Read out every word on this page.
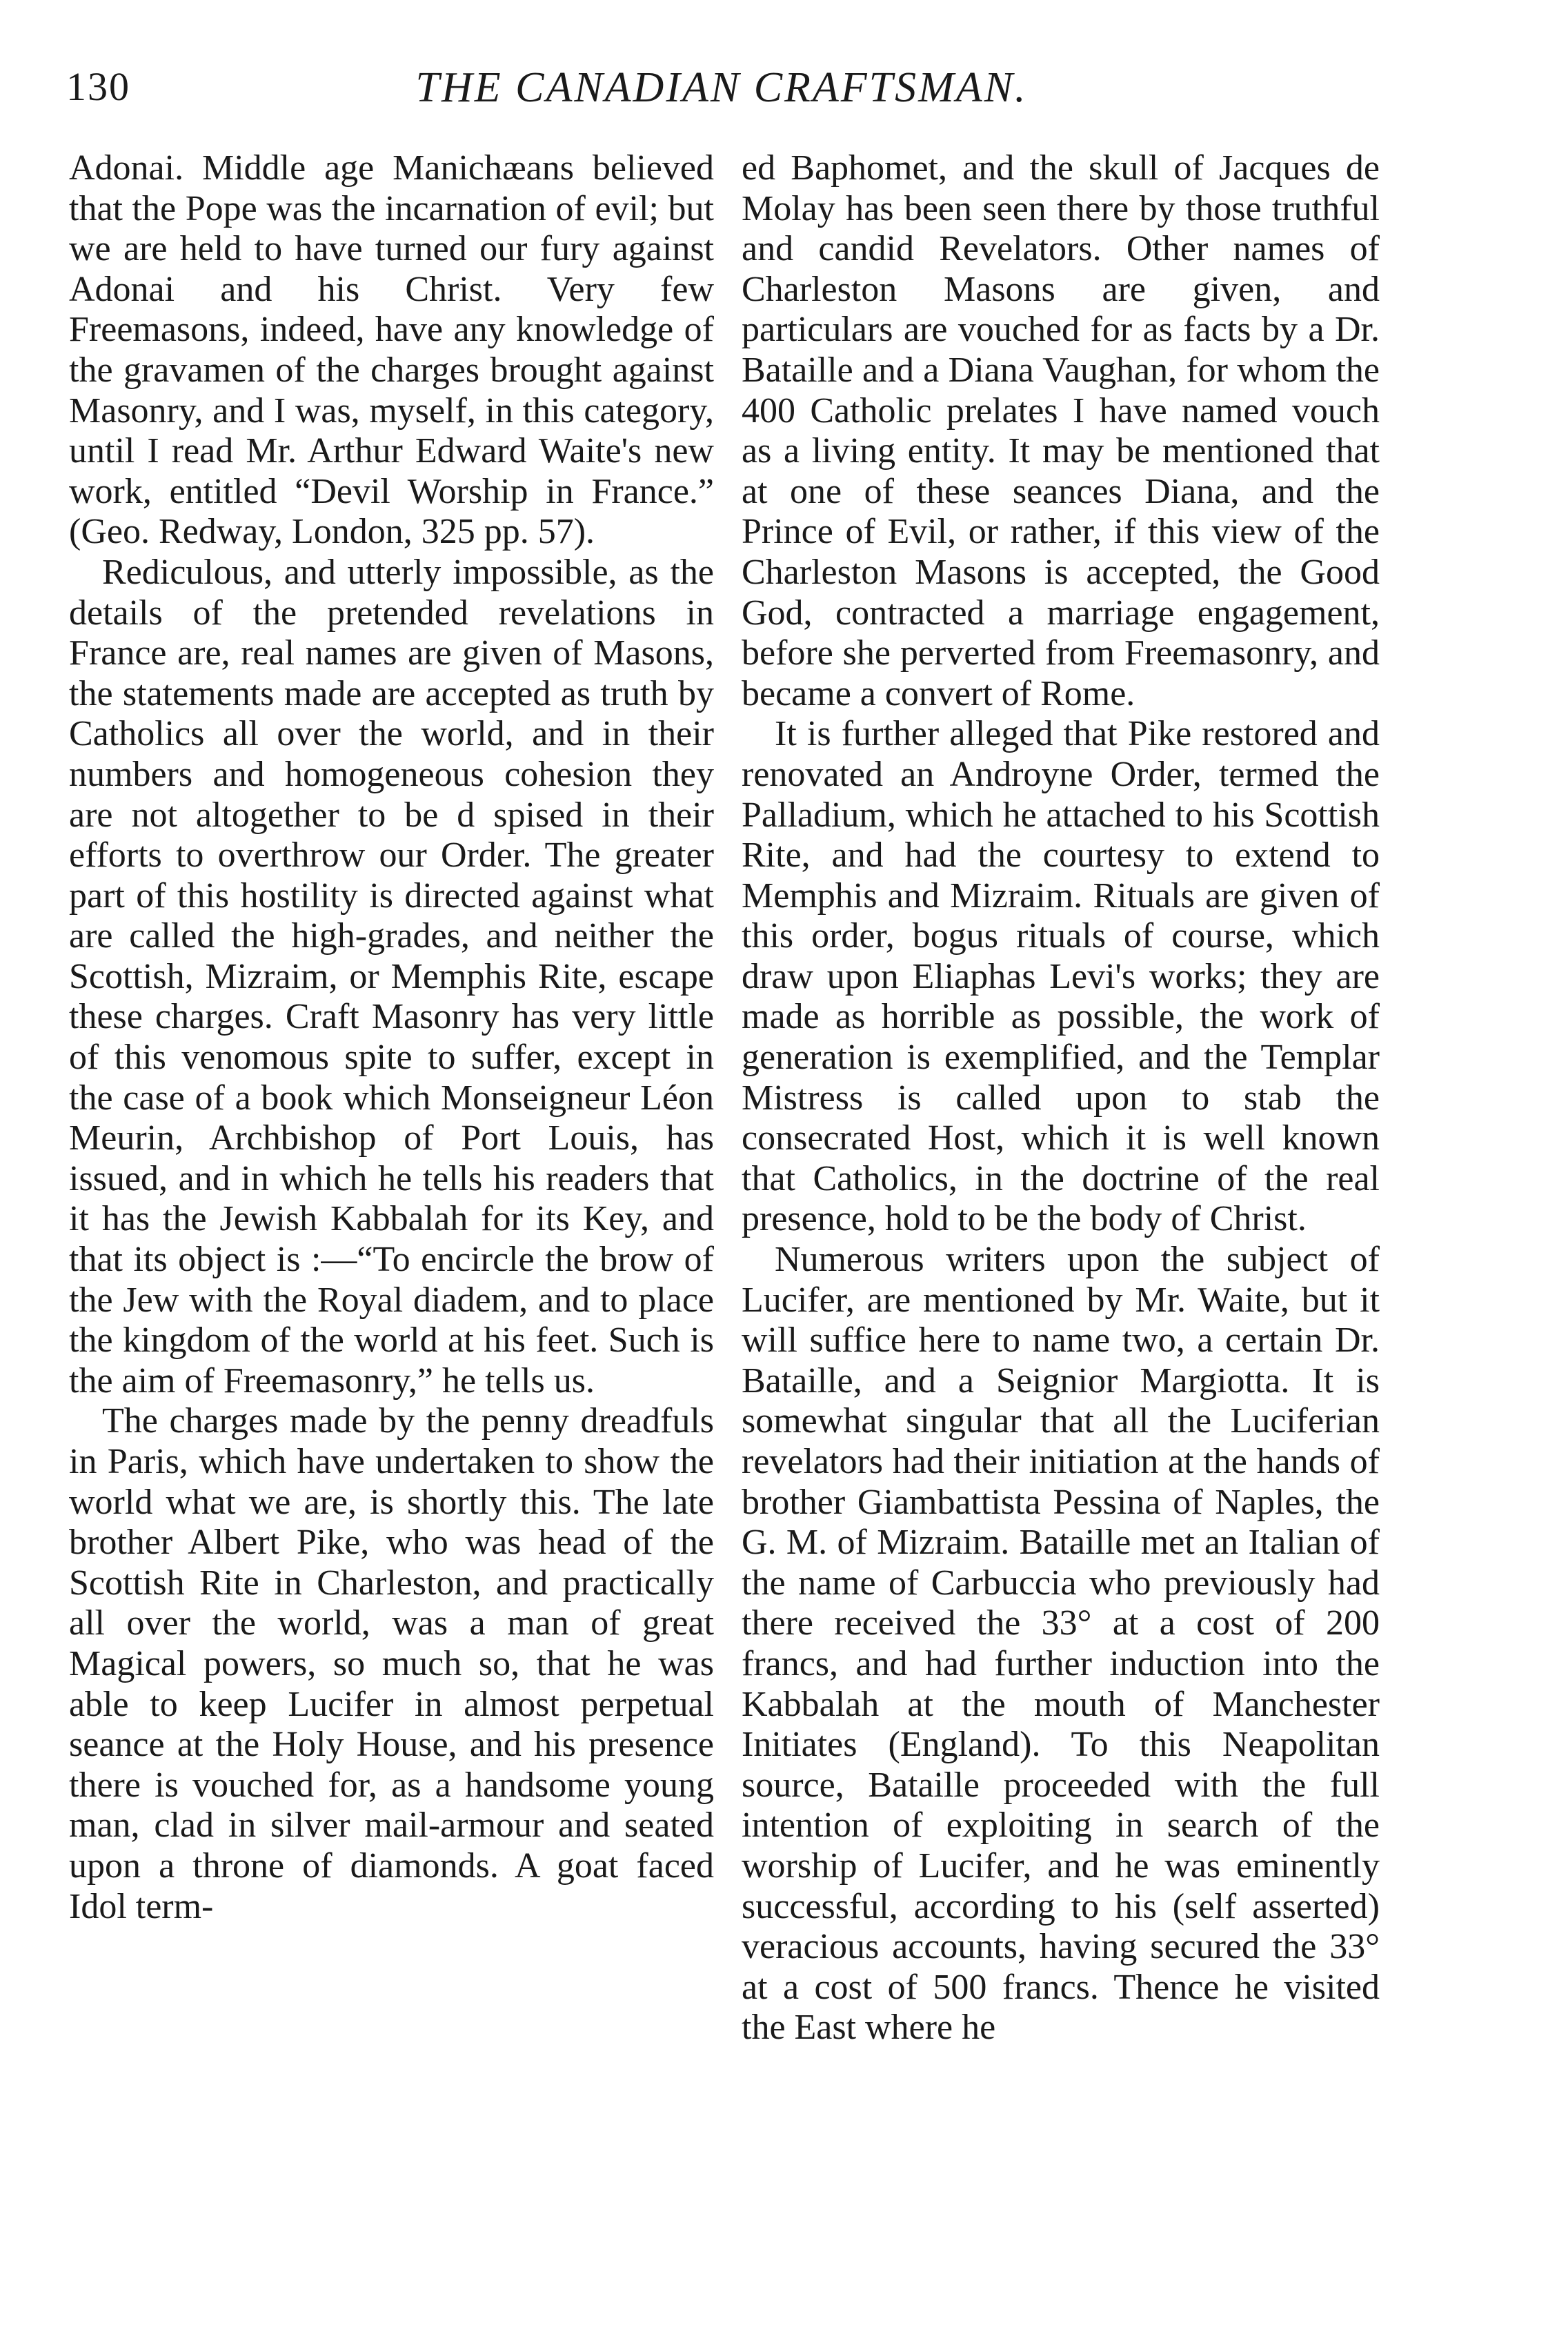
130	THE CANADIAN CRAFTSMAN.

Adonai. Middle age Manichæans believed that the Pope was the incarnation of evil; but we are held to have turned our fury against Adonai and his Christ. Very few Freemasons, indeed, have any knowledge of the gravamen of the charges brought against Masonry, and I was, myself, in this category, until I read Mr. Arthur Edward Waite's new work, entitled “Devil Worship in France.” (Geo. Redway, London, 325 pp. 57).

Rediculous, and utterly impossible, as the details of the pretended revelations in France are, real names are given of Masons, the statements made are accepted as truth by Catholics all over the world, and in their numbers and homogeneous cohesion they are not altogether to be d spised in their efforts to overthrow our Order. The greater part of this hostility is directed against what are called the high-grades, and neither the Scottish, Mizraim, or Memphis Rite, escape these charges. Craft Masonry has very little of this venomous spite to suffer, except in the case of a book which Monseigneur Léon Meurin, Archbishop of Port Louis, has issued, and in which he tells his readers that it has the Jewish Kabbalah for its Key, and that its object is :—“To encircle the brow of the Jew with the Royal diadem, and to place the kingdom of the world at his feet. Such is the aim of Freemasonry,” he tells us.

The charges made by the penny dreadfuls in Paris, which have undertaken to show the world what we are, is shortly this. The late brother Albert Pike, who was head of the Scottish Rite in Charleston, and practically all over the world, was a man of great Magical powers, so much so, that he was able to keep Lucifer in almost perpetual seance at the Holy House, and his presence there is vouched for, as a handsome young man, clad in silver mail-armour and seated upon a throne of diamonds. A goat faced Idol term-

ed Baphomet, and the skull of Jacques de Molay has been seen there by those truthful and candid Revelators. Other names of Charleston Masons are given, and particulars are vouched for as facts by a Dr. Bataille and a Diana Vaughan, for whom the 400 Catholic prelates I have named vouch as a living entity. It may be mentioned that at one of these seances Diana, and the Prince of Evil, or rather, if this view of the Charleston Masons is accepted, the Good God, contracted a marriage engagement, before she perverted from Freemasonry, and became a convert of Rome.

It is further alleged that Pike restored and renovated an Androyne Order, termed the Palladium, which he attached to his Scottish Rite, and had the courtesy to extend to Memphis and Mizraim. Rituals are given of this order, bogus rituals of course, which draw upon Eliaphas Levi's works; they are made as horrible as possible, the work of generation is exemplified, and the Templar Mistress is called upon to stab the consecrated Host, which it is well known that Catholics, in the doctrine of the real presence, hold to be the body of Christ.

Numerous writers upon the subject of Lucifer, are mentioned by Mr. Waite, but it will suffice here to name two, a certain Dr. Bataille, and a Seignior Margiotta. It is somewhat singular that all the Luciferian revelators had their initiation at the hands of brother Giambattista Pessina of Naples, the G. M. of Mizraim. Bataille met an Italian of the name of Carbuccia who previously had there received the 33° at a cost of 200 francs, and had further induction into the Kabbalah at the mouth of Manchester Initiates (England). To this Neapolitan source, Bataille proceeded with the full intention of exploiting in search of the worship of Lucifer, and he was eminently successful, according to his (self asserted) veracious accounts, having secured the 33° at a cost of 500 francs. Thence he visited the East where he
